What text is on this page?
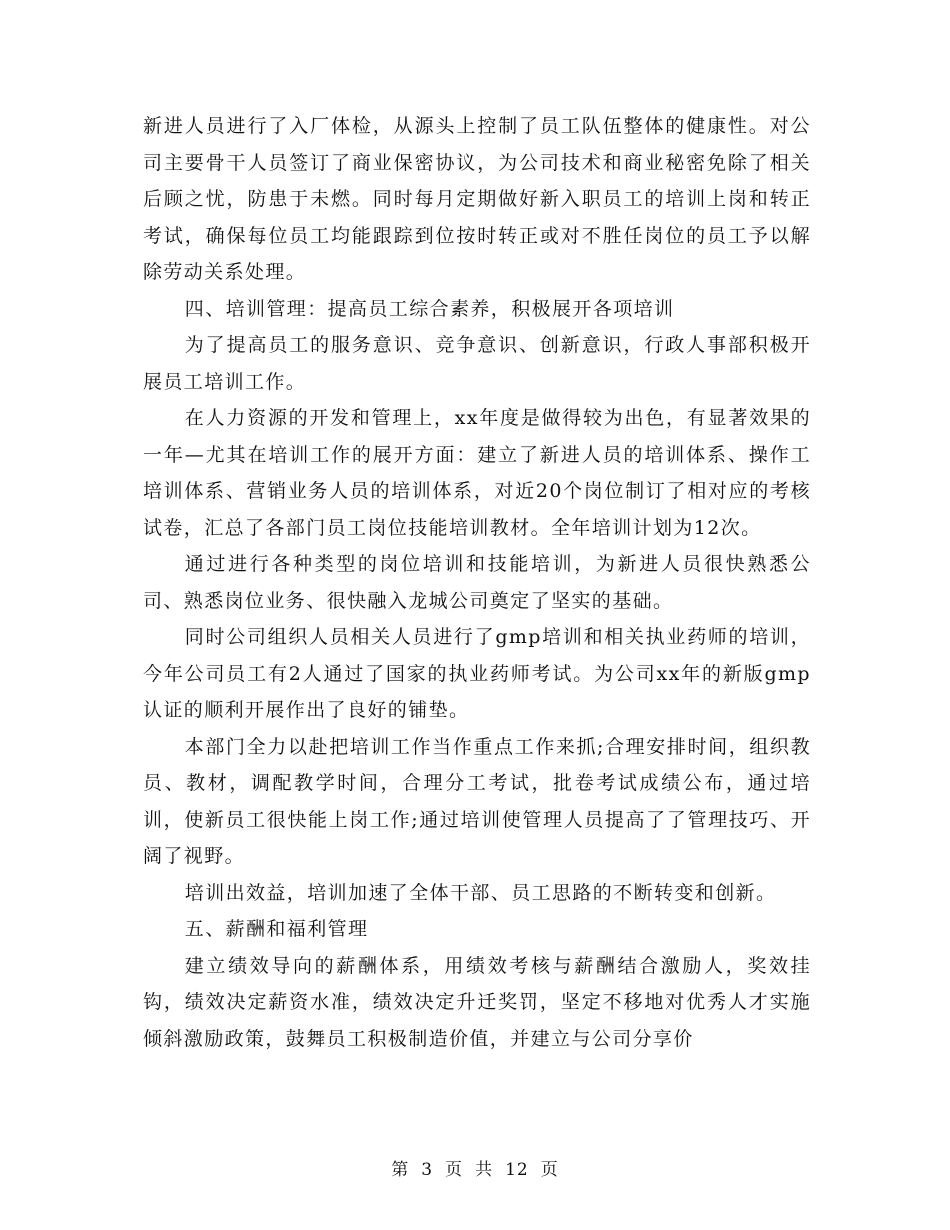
新进人员进行了入厂体检，从源头上控制了员工队伍整体的健康性。对公司主要骨干人员签订了商业保密协议，为公司技术和商业秘密免除了相关后顾之忧，防患于未燃。同时每月定期做好新入职员工的培训上岗和转正考试，确保每位员工均能跟踪到位按时转正或对不胜任岗位的员工予以解除劳动关系处理。

四、培训管理：提高员工综合素养，积极展开各项培训

为了提高员工的服务意识、竞争意识、创新意识，行政人事部积极开展员工培训工作。

在人力资源的开发和管理上，xx年度是做得较为出色，有显著效果的一年—尤其在培训工作的展开方面：建立了新进人员的培训体系、操作工培训体系、营销业务人员的培训体系，对近20个岗位制订了相对应的考核试卷，汇总了各部门员工岗位技能培训教材。全年培训计划为12次。

通过进行各种类型的岗位培训和技能培训，为新进人员很快熟悉公司、熟悉岗位业务、很快融入龙城公司奠定了坚实的基础。

同时公司组织人员相关人员进行了gmp培训和相关执业药师的培训，今年公司员工有2人通过了国家的执业药师考试。为公司xx年的新版gmp认证的顺利开展作出了良好的铺垫。

本部门全力以赴把培训工作当作重点工作来抓;合理安排时间，组织教员、教材，调配教学时间，合理分工考试，批卷考试成绩公布，通过培训，使新员工很快能上岗工作;通过培训使管理人员提高了了管理技巧、开阔了视野。

培训出效益，培训加速了全体干部、员工思路的不断转变和创新。

五、薪酬和福利管理

建立绩效导向的薪酬体系，用绩效考核与薪酬结合激励人，奖效挂钩，绩效决定薪资水准，绩效决定升迁奖罚，坚定不移地对优秀人才实施倾斜激励政策，鼓舞员工积极制造价值，并建立与公司分享价

第 3 页 共 12 页
